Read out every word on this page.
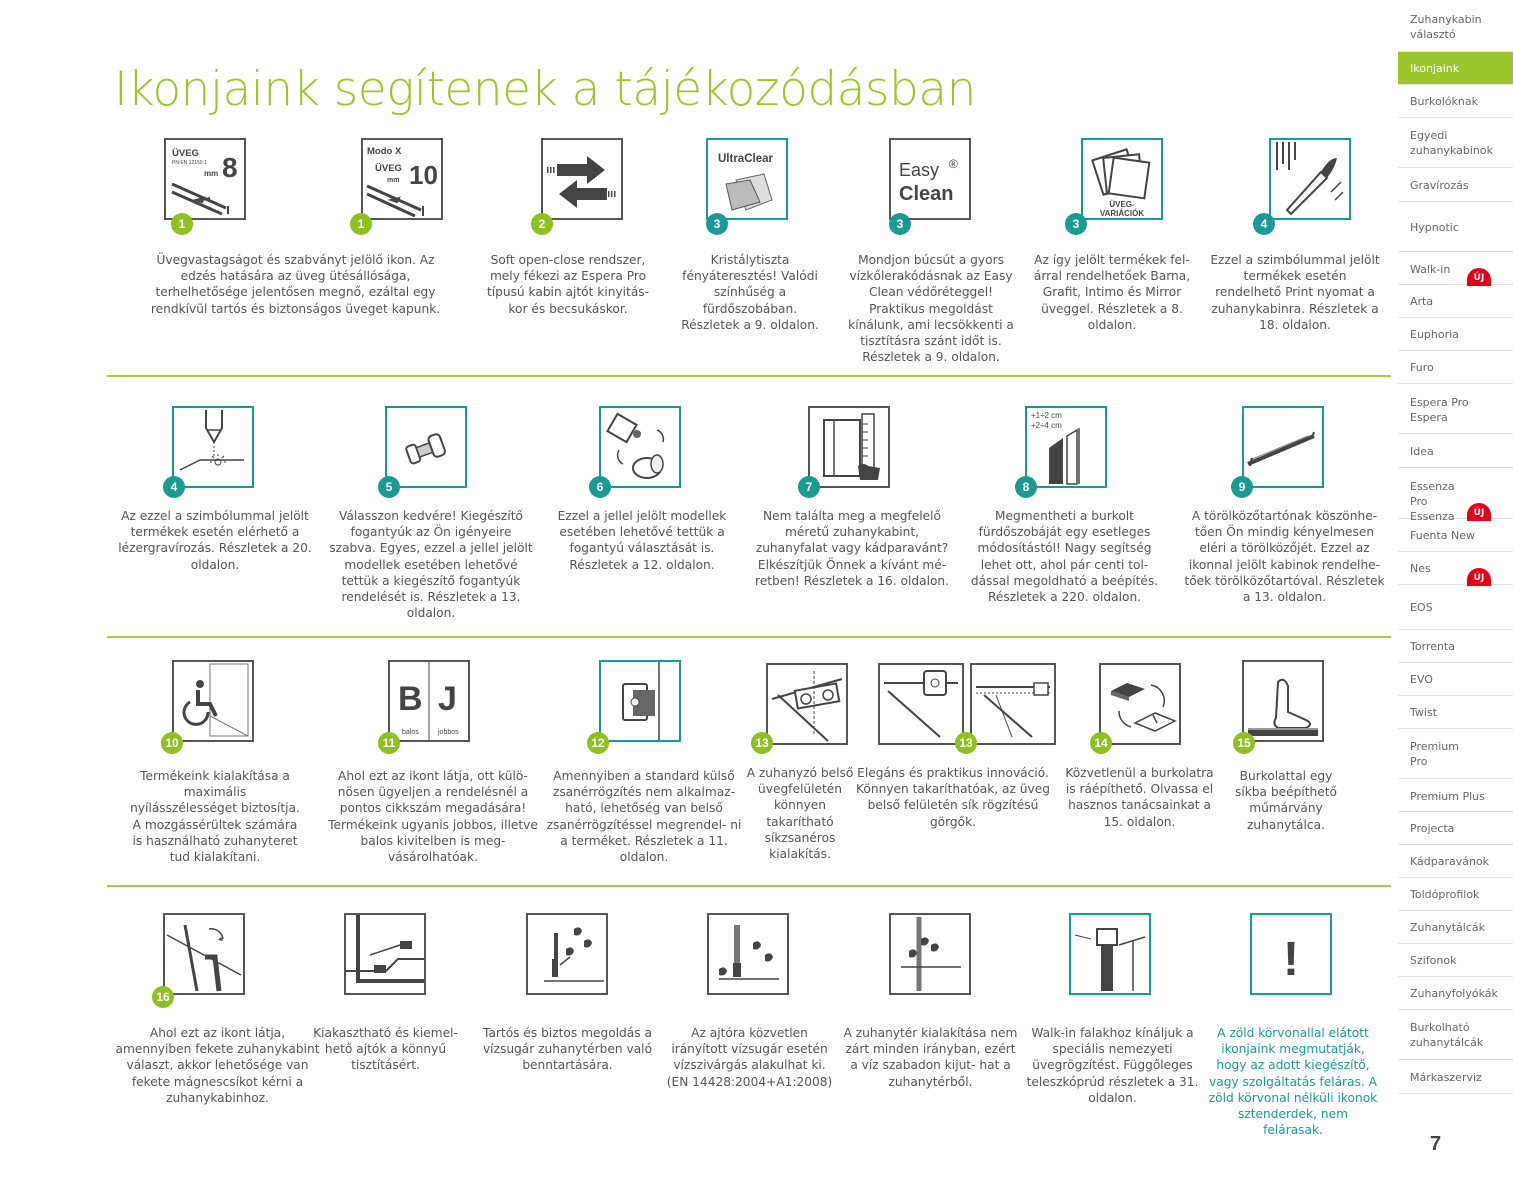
Ikonjaink segítenek a tájékozódásban
ÜVEG
PN:EN 12150:1
mm 8
1
Modo X
ÜVEG
mm 10
1	2
UltraClear
3
Easy ®
Clean
3
ÜVEG-
VARIÁCIÓK
3	4
Üvegvastagságot és szabványt jelölő ikon. Az edzés hatására az üveg ütésállósága, terhelhetősége jelentősen megnő, ezáltal egy rendkívül tartós és biztonságos üveget kapunk.
Soft open-close rendszer, mely fékezi az Espera Pro típusú kabin ajtót kinyitás- kor és becsukáskor.
Kristálytiszta fényáteresztés! Valódi színhűség a fürdőszobában. Részletek a 9. oldalon.
Mondjon búcsút a gyors vízkőlerakódásnak az Easy Clean védőréteggel! Praktikus megoldást kínálunk, ami lecsökkenti a tisztításra szánt időt is. Részletek a 9. oldalon.
Az így jelölt termékek fel- árral rendelhetőek Barna, Grafit, Intimo és Mirror üveggel. Részletek a 8. oldalon.
Ezzel a szimbólummal jelölt termékek esetén rendelhető Print nyomat a zuhanykabinra. Részletek a 18. oldalon.
4	5	6	7
+1÷2 cm
+2÷4 cm
8	9
Az ezzel a szimbólummal jelölt termékek esetén elérhető a lézergravírozás. Részletek a 20. oldalon.
Válasszon kedvére! Kiegészítő fogantyúk az Ön igényeire szabva. Egyes, ezzel a jellel jelölt modellek esetében lehetővé tettük a kiegészítő fogantyúk rendelését is. Részletek a 13. oldalon.
Ezzel a jellel jelölt modellek esetében lehetővé tettük a fogantyú választását is. Részletek a 12. oldalon.
Nem találta meg a megfelelő méretű zuhanykabint, zuhanyfalat vagy kádparavánt? Elkészítjük Önnek a kívánt mé- retben! Részletek a 16. oldalon.
Megmentheti a burkolt fürdőszobáját egy esetleges módosítástól! Nagy segítség lehet ott, ahol pár centi tol- dással megoldható a beépítés. Részletek a 220. oldalon.
A törölközőtartónak köszönhe- tően Ön mindig kényelmesen eléri a törölközőjét. Ezzel az ikonnal jelölt kabinok rendelhe- tőek törölközőtartóval. Részletek a 13. oldalon.
10
B J
balos	jobbos
11	12	13	13	14	15
Termékeink kialakítása a maximális nyílásszélességet biztosítja. A mozgássérültek számára is használható zuhanyteret tud kialakítani.
Ahol ezt az ikont látja, ott külö- nösen ügyeljen a rendelésnél a pontos cikkszám megadására! Termékeink ugyanis jobbos, illetve balos kivitelben is meg- vásárolhatóak.
Amennyiben a standard külső zsanérrögzítés nem alkalmaz- ható, lehetőség van belső zsanérrögzítéssel megrendel- ni a terméket. Részletek a 11. oldalon.
A zuhanyzó belső üvegfelületén könnyen takarítható síkzsanéros kialakítás.
Elegáns és praktikus innováció. Könnyen takaríthatóak, az üveg belső felületén sík rögzítésű görgők.
Közvetlenül a burkolatra is ráépíthető. Olvassa el hasznos tanácsainkat a 15. oldalon.
Burkolattal egy síkba beépíthető műmárvány zuhanytálca.
16
!
Ahol ezt az ikont látja, amennyiben fekete zuhanykabint választ, akkor lehetősége van fekete mágnescsíkot kérni a zuhanykabinhoz.
Kiakasztható és kiemel- hető ajtók a könnyű tisztításért.
Tartós és biztos megoldás a vízsugár zuhanytérben való benntartására.
Az ajtóra közvetlen irányított vízsugár esetén vízszivárgás alakulhat ki. (EN 14428:2004+A1:2008)
A zuhanytér kialakítása nem zárt minden irányban, ezért a víz szabadon kijut- hat a zuhanytérből.
Walk-in falakhoz kínáljuk a speciális nemezyeti üvegrögzítést. Függőleges teleszkóprúd részletek a 31. oldalon.
A zöld körvonallal elátott ikonjaink megmutatják, hogy az adott kiegészítő, vagy szolgáltatás feláras. A zöld körvonal nélküli ikonok sztenderdek, nem felárasak.
Zuhanykabin választó
Ikonjaink
Burkolóknak
Egyedi zuhanykabinok
Gravírozás
Hypnotic
Walk-in
ÚJ
Arta
Euphoria
Furo
Espera Pro Espera
Idea
Essenza Pro Essenza	ÚJ
Fuenta New
Nes
ÚJ
EOS
Torrenta
EVO
Twist
Premium Pro
Premium Plus
Projecta
Kádparavánok
Toldóprofilok
Zuhanytálcák
Szifonok
Zuhanyfolyókák
Burkolható zuhanytálcák
Márkaszerviz
7
